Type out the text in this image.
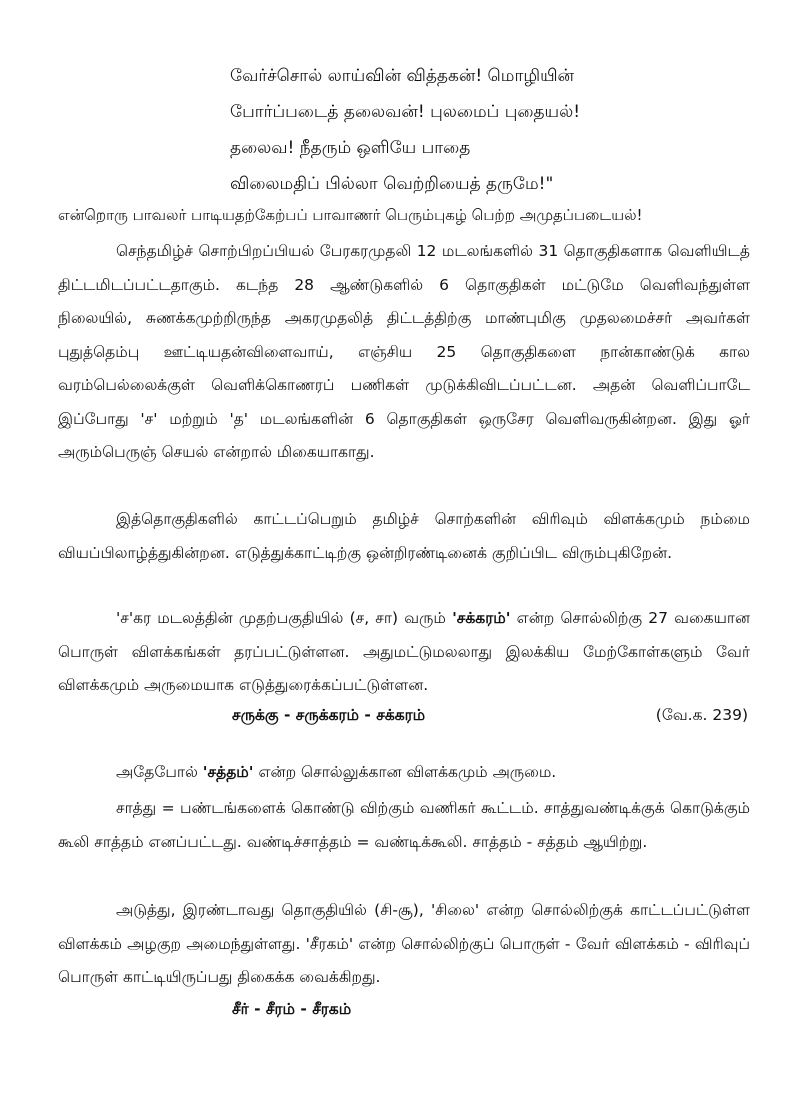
வேர்ச்சொல் லாய்வின் வித்தகன்! மொழியின்
போர்ப்படைத் தலைவன்! புலமைப் புதையல்!
தலைவ! நீதரும் ஒளியே பாதை
விலைமதிப் பில்லா வெற்றியைத் தருமே!"
என்றொரு பாவலர் பாடியதற்கேற்பப் பாவாணர் பெரும்புகழ் பெற்ற அமுதப்படையல்!
செந்தமிழ்ச் சொற்பிறப்பியல் பேரகரமுதலி 12 மடலங்களில் 31 தொகுதிகளாக வெளியிடத் திட்டமிடப்பட்டதாகும். கடந்த 28 ஆண்டுகளில் 6 தொகுதிகள் மட்டுமே வெளிவந்துள்ள நிலையில், சுணக்கமுற்றிருந்த அகரமுதலித் திட்டத்திற்கு மாண்புமிகு முதலமைச்சர் அவர்கள் புதுத்தெம்பு ஊட்டியதன்விளைவாய், எஞ்சிய 25 தொகுதிகளை நான்காண்டுக் கால வரம்பெல்லைக்குள் வெளிக்கொணரப் பணிகள் முடுக்கிவிடப்பட்டன. அதன் வெளிப்பாடே இப்போது 'ச' மற்றும் 'த' மடலங்களின் 6 தொகுதிகள் ஒருசேர வெளிவருகின்றன. இது ஓர் அரும்பெருஞ் செயல் என்றால் மிகையாகாது.
இத்தொகுதிகளில் காட்டப்பெறும் தமிழ்ச் சொற்களின் விரிவும் விளக்கமும் நம்மை வியப்பிலாழ்த்துகின்றன. எடுத்துக்காட்டிற்கு ஒன்றிரண்டினைக் குறிப்பிட விரும்புகிறேன்.
'ச'கர மடலத்தின் முதற்பகுதியில் (ச, சா) வரும் 'சக்கரம்' என்ற சொல்லிற்கு 27 வகையான பொருள் விளக்கங்கள் தரப்பட்டுள்ளன. அதுமட்டுமலலாது இலக்கிய மேற்கோள்களும் வேர் விளக்கமும் அருமையாக எடுத்துரைக்கப்பட்டுள்ளன.
சருக்கு - சருக்கரம் - சக்கரம்	(வே.க. 239)
அதேபோல் 'சத்தம்' என்ற சொல்லுக்கான விளக்கமும் அருமை.
சாத்து = பண்டங்களைக் கொண்டு விற்கும் வணிகர் கூட்டம். சாத்துவண்டிக்குக் கொடுக்கும் கூலி சாத்தம் எனப்பட்டது. வண்டிச்சாத்தம் = வண்டிக்கூலி. சாத்தம் - சத்தம் ஆயிற்று.
அடுத்து, இரண்டாவது தொகுதியில் (சி-சூ), 'சிலை' என்ற சொல்லிற்குக் காட்டப்பட்டுள்ள விளக்கம் அழகுற அமைந்துள்ளது. 'சீரகம்' என்ற சொல்லிற்குப் பொருள் - வேர் விளக்கம் - விரிவுப் பொருள் காட்டியிருப்பது திகைக்க வைக்கிறது.
சீர் - சீரம் - சீரகம்
